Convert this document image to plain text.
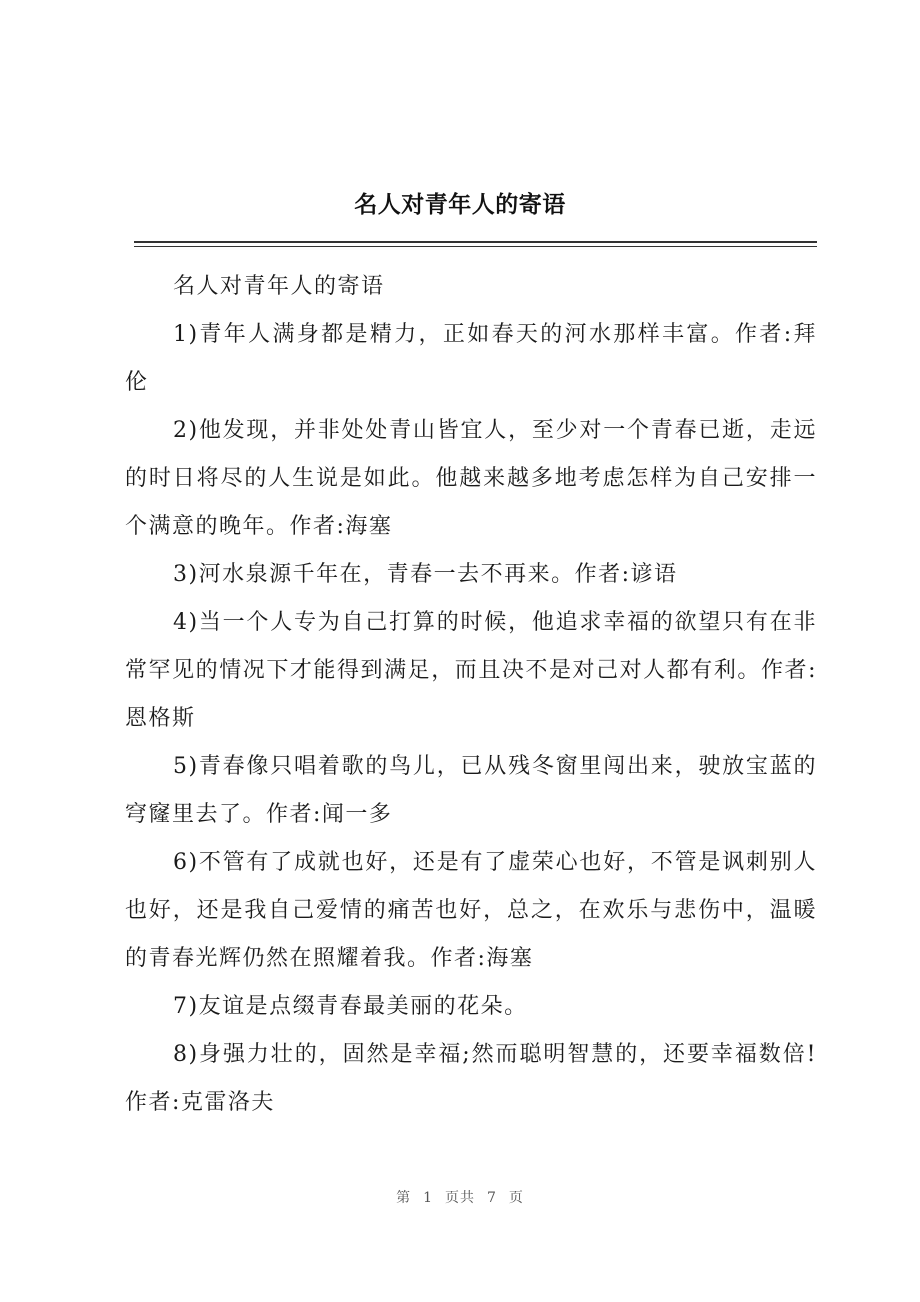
名人对青年人的寄语

名人对青年人的寄语

1)青年人满身都是精力，正如春天的河水那样丰富。作者:拜伦

2)他发现，并非处处青山皆宜人，至少对一个青春已逝，走远的时日将尽的人生说是如此。他越来越多地考虑怎样为自己安排一个满意的晚年。作者:海塞

3)河水泉源千年在，青春一去不再来。作者:谚语

4)当一个人专为自己打算的时候，他追求幸福的欲望只有在非常罕见的情况下才能得到满足，而且决不是对己对人都有利。作者:恩格斯

5)青春像只唱着歌的鸟儿，已从残冬窗里闯出来，驶放宝蓝的穹窿里去了。作者:闻一多

6)不管有了成就也好，还是有了虚荣心也好，不管是讽刺别人也好，还是我自己爱情的痛苦也好，总之，在欢乐与悲伤中，温暖的青春光辉仍然在照耀着我。作者:海塞

7)友谊是点缀青春最美丽的花朵。

8)身强力壮的，固然是幸福;然而聪明智慧的，还要幸福数倍!作者:克雷洛夫

第 1 页共 7 页
